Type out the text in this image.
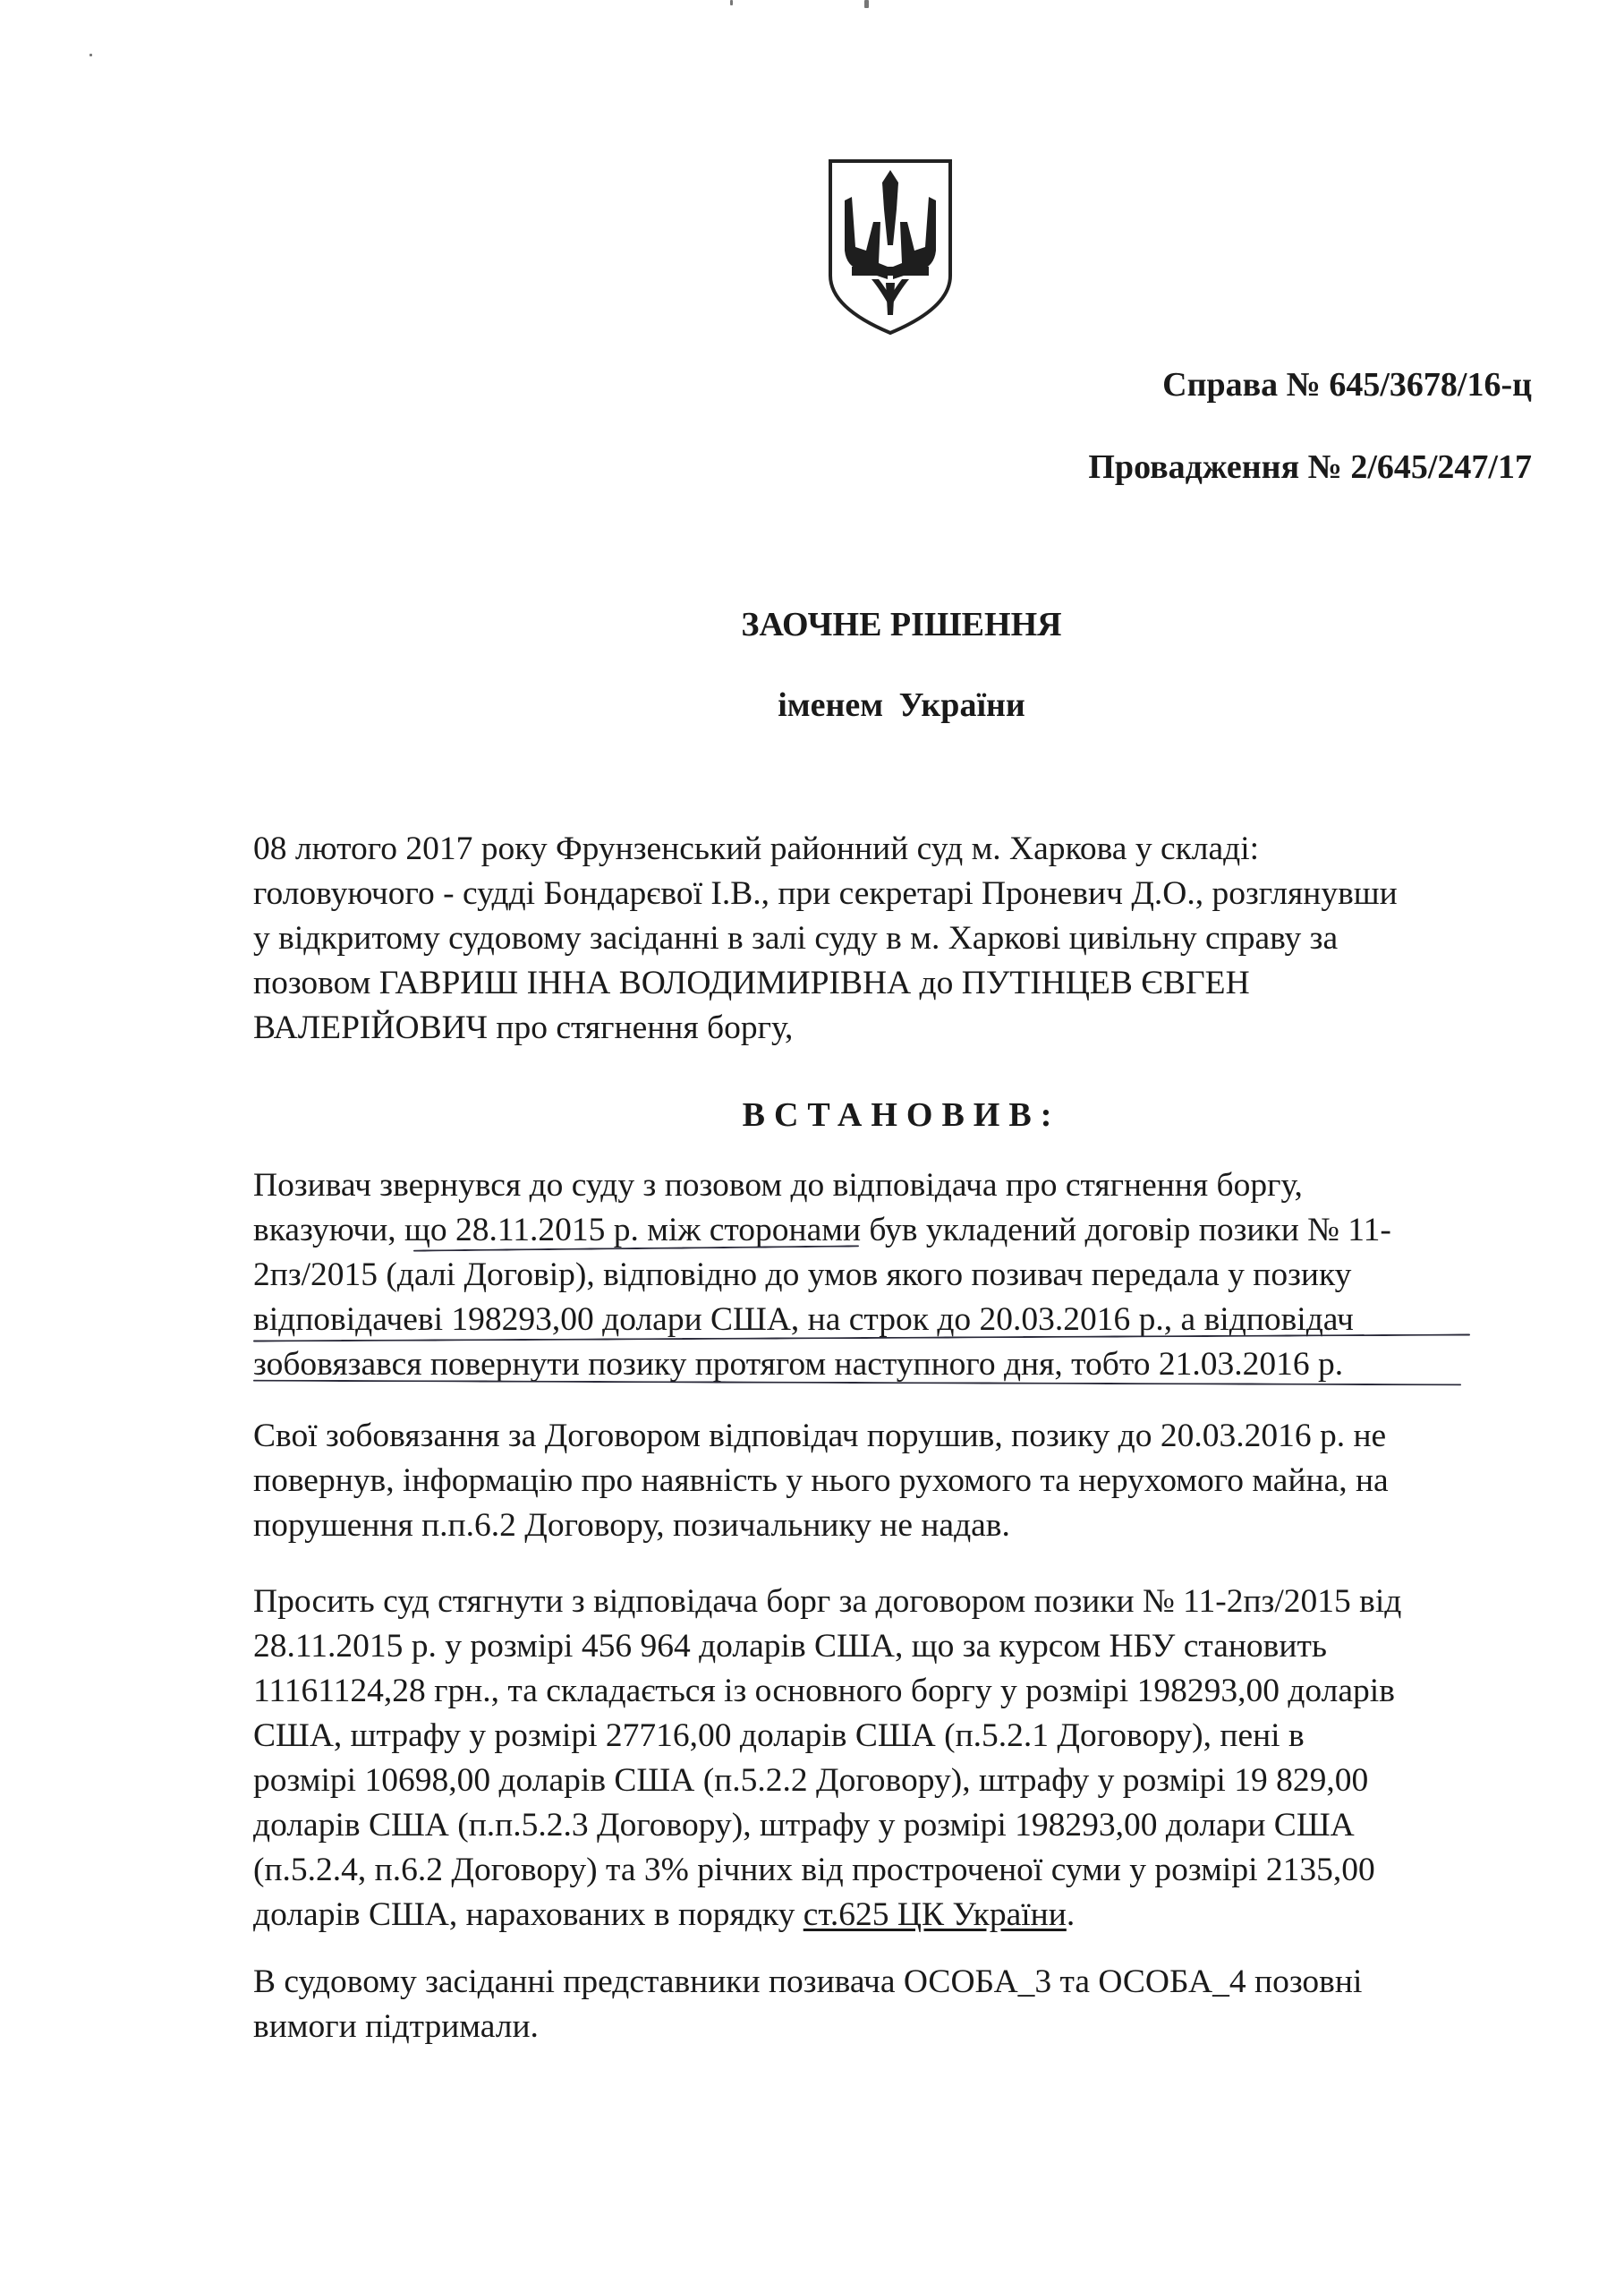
Справа № 645/3678/16-ц
Провадження № 2/645/247/17
ЗАОЧНЕ РІШЕННЯ
іменем України
08 лютого 2017 року Фрунзенський районний суд м. Харкова у складі:
головуючого - судді Бондарєвої І.В., при секретарі Проневич Д.О., розглянувши
у відкритому судовому засіданні в залі суду в м. Харкові цивільну справу за
позовом ГАВРИШ ІННА ВОЛОДИМИРІВНА до ПУТІНЦЕВ ЄВГЕН
ВАЛЕРІЙОВИЧ про стягнення боргу,
ВСТАНОВИВ:
Позивач звернувся до суду з позовом до відповідача про стягнення боргу,
вказуючи, що 28.11.2015 р. між сторонами був укладений договір позики № 11-
2пз/2015 (далі Договір), відповідно до умов якого позивач передала у позику
відповідачеві 198293,00 долари США, на строк до 20.03.2016 р., а відповідач
зобовязався повернути позику протягом наступного дня, тобто 21.03.2016 р.
Свої зобовязання за Договором відповідач порушив, позику до 20.03.2016 р. не
повернув, інформацію про наявність у нього рухомого та нерухомого майна, на
порушення п.п.6.2 Договору, позичальнику не надав.
Просить суд стягнути з відповідача борг за договором позики № 11-2пз/2015 від
28.11.2015 р. у розмірі 456 964 доларів США, що за курсом НБУ становить
11161124,28 грн., та складається із основного боргу у розмірі 198293,00 доларів
США, штрафу у розмірі 27716,00 доларів США (п.5.2.1 Договору), пені в
розмірі 10698,00 доларів США (п.5.2.2 Договору), штрафу у розмірі 19 829,00
доларів США (п.п.5.2.3 Договору), штрафу у розмірі 198293,00 долари США
(п.5.2.4, п.6.2 Договору) та 3% річних від простроченої суми у розмірі 2135,00
доларів США, нарахованих в порядку ст.625 ЦК України.
В судовому засіданні представники позивача ОСОБА_3 та ОСОБА_4 позовні
вимоги підтримали.
